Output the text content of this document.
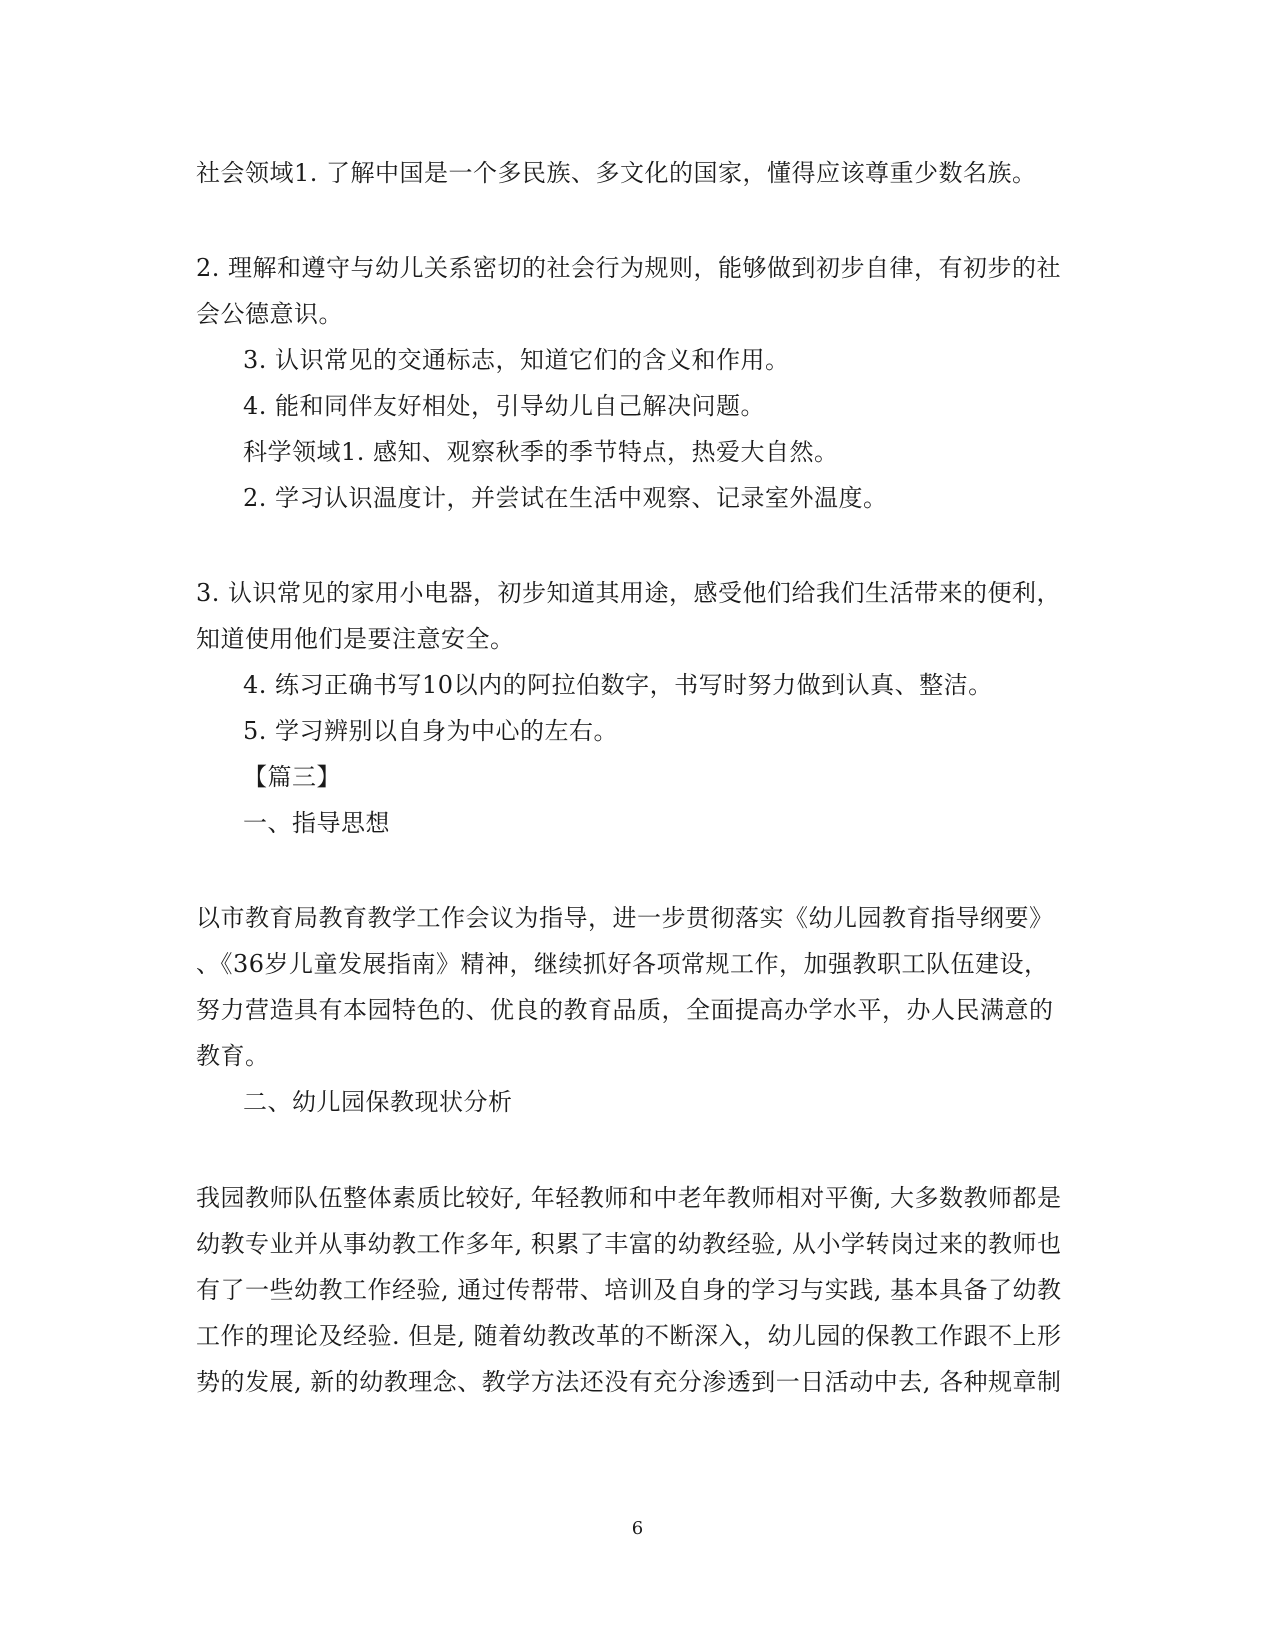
社会领域1. 了解中国是一个多民族、多文化的国家，懂得应该尊重少数名族。
2. 理解和遵守与幼儿关系密切的社会行为规则，能够做到初步自律，有初步的社
会公德意识。
3. 认识常见的交通标志，知道它们的含义和作用。
4. 能和同伴友好相处，引导幼儿自己解决问题。
科学领域1. 感知、观察秋季的季节特点，热爱大自然。
2. 学习认识温度计，并尝试在生活中观察、记录室外温度。
3. 认识常见的家用小电器，初步知道其用途，感受他们给我们生活带来的便利，
知道使用他们是要注意安全。
4. 练习正确书写10以内的阿拉伯数字，书写时努力做到认真、整洁。
5. 学习辨别以自身为中心的左右。
【篇三】
一、指导思想
以市教育局教育教学工作会议为指导，进一步贯彻落实《幼儿园教育指导纲要》
、《36岁儿童发展指南》精神，继续抓好各项常规工作，加强教职工队伍建设，
努力营造具有本园特色的、优良的教育品质，全面提高办学水平，办人民满意的
教育。
二、幼儿园保教现状分析
我园教师队伍整体素质比较好, 年轻教师和中老年教师相对平衡, 大多数教师都是
幼教专业并从事幼教工作多年, 积累了丰富的幼教经验, 从小学转岗过来的教师也
有了一些幼教工作经验, 通过传帮带、培训及自身的学习与实践, 基本具备了幼教
工作的理论及经验. 但是, 随着幼教改革的不断深入，幼儿园的保教工作跟不上形
势的发展, 新的幼教理念、教学方法还没有充分渗透到一日活动中去, 各种规章制
6
